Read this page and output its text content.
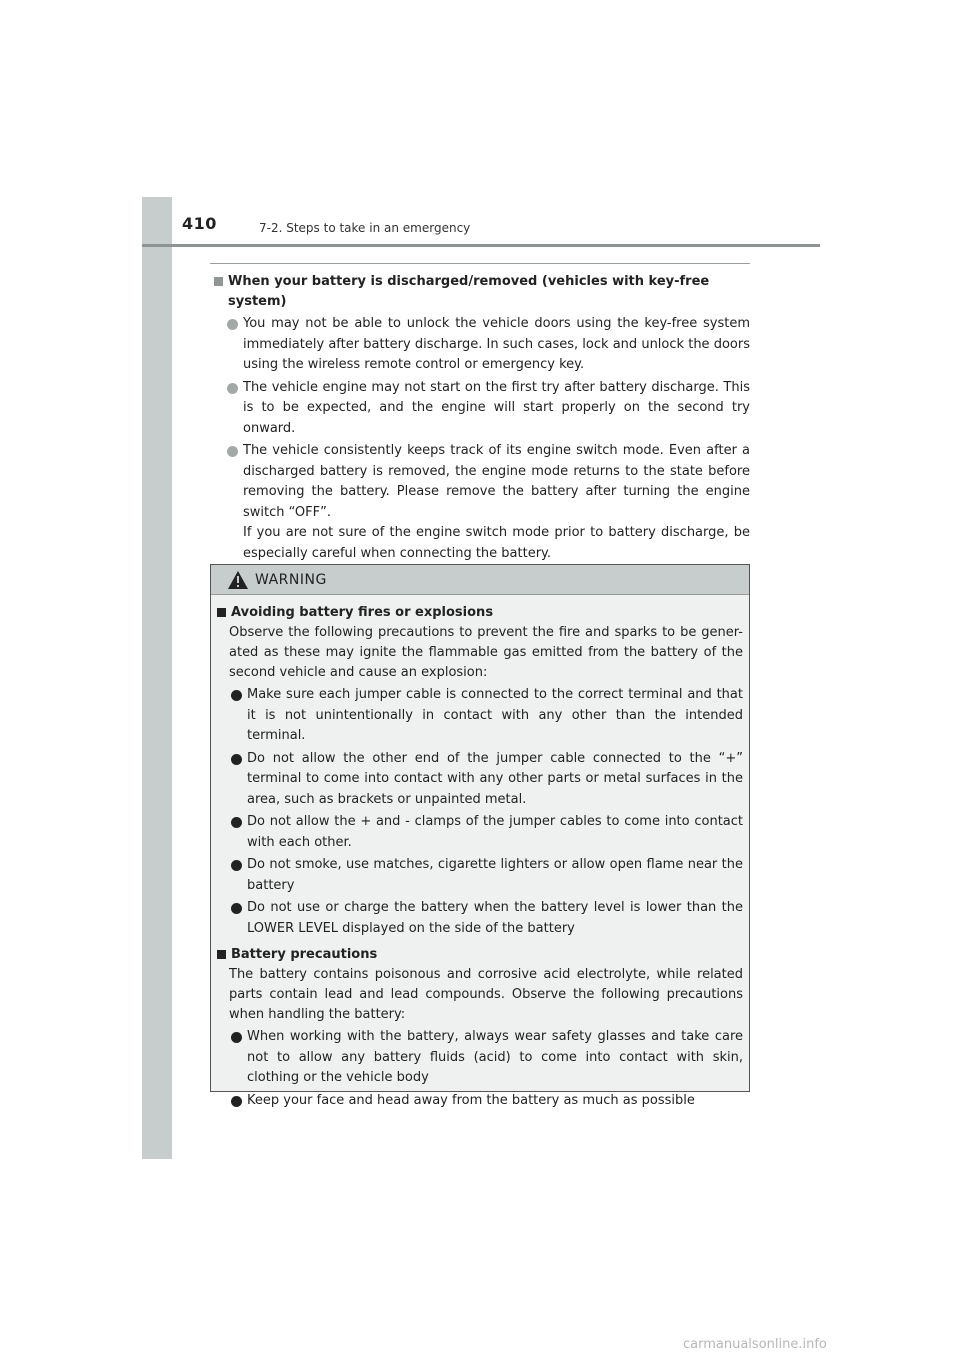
410	7-2. Steps to take in an emergency
When your battery is discharged/removed (vehicles with key-free system)
You may not be able to unlock the vehicle doors using the key-free system immediately after battery discharge. In such cases, lock and unlock the doors using the wireless remote control or emergency key.
The vehicle engine may not start on the first try after battery discharge. This is to be expected, and the engine will start properly on the second try onward.
The vehicle consistently keeps track of its engine switch mode. Even after a discharged battery is removed, the engine mode returns to the state before removing the battery. Please remove the battery after turning the engine switch “OFF”.
If you are not sure of the engine switch mode prior to battery discharge, be especially careful when connecting the battery.
WARNING
Avoiding battery fires or explosions
Observe the following precautions to prevent the fire and sparks to be gener-ated as these may ignite the flammable gas emitted from the battery of the second vehicle and cause an explosion:
Make sure each jumper cable is connected to the correct terminal and that it is not unintentionally in contact with any other than the intended terminal.
Do not allow the other end of the jumper cable connected to the “+” terminal to come into contact with any other parts or metal surfaces in the area, such as brackets or unpainted metal.
Do not allow the + and - clamps of the jumper cables to come into contact with each other.
Do not smoke, use matches, cigarette lighters or allow open flame near the battery
Do not use or charge the battery when the battery level is lower than the LOWER LEVEL displayed on the side of the battery
Battery precautions
The battery contains poisonous and corrosive acid electrolyte, while related parts contain lead and lead compounds. Observe the following precautions when handling the battery:
When working with the battery, always wear safety glasses and take care not to allow any battery fluids (acid) to come into contact with skin, clothing or the vehicle body
Keep your face and head away from the battery as much as possible
carmanualsonline.info
